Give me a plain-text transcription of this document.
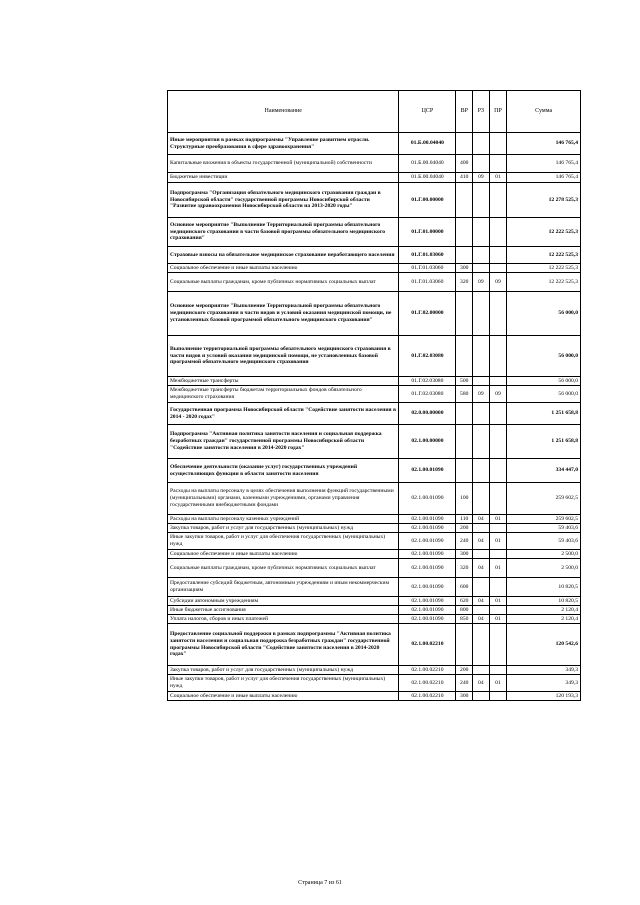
Наименование	ЦСР	ВР	РЗ	ПР	Сумма
Иные мероприятия в рамках подпрограммы "Управление развитием отрасли. Структурные преобразования в сфере здравоохранения"	01.Б.00.04040				146 765,4
Капитальные вложения в объекты государственной (муниципальной) собственности	01.Б.00.04040	400			146 765,4
Бюджетные инвестиции	01.Б.00.04040	410	09	01	146 765,4
Подпрограмма "Организация обязательного медицинского страхования граждан в Новосибирской области" государственной программы Новосибирской области "Развитие здравоохранения Новосибирской области на 2013-2020 годы"	01.Г.00.00000				12 278 525,3
Основное мероприятие "Выполнение Территориальной программы обязательного медицинского страхования в части базовой программы обязательного медицинского страхования"	01.Г.01.00000				12 222 525,3
Страховые взносы на обязательное медицинское страхование неработающего населения	01.Г.01.03060				12 222 525,3
Социальное обеспечение и иные выплаты населению	01.Г.01.03060	300			12 222 525,3
Социальные выплаты гражданам, кроме публичных нормативных социальных выплат	01.Г.01.03060	320	09	09	12 222 525,3
Основное мероприятие "Выполнение Территориальной программы обязательного медицинского страхования в части видов и условий оказания медицинской помощи, не установленных базовой программой обязательного медицинского страхования"	01.Г.02.00000				56 000,0
Выполнение территориальной программы обязательного медицинского страхования в части видов и условий оказания медицинской помощи, не установленных базовой программой обязательного медицинского страхования	01.Г.02.03080				56 000,0
Межбюджетные трансферты	01.Г.02.03080	500			56 000,0
Межбюджетные трансферты бюджетам территориальных фондов обязательного медицинского страхования	01.Г.02.03080	580	09	09	56 000,0
Государственная программа Новосибирской области "Содействие занятости населения в 2014 - 2020 годах"	02.0.00.00000				1 251 658,8
Подпрограмма "Активная политика занятости населения и социальная поддержка безработных граждан" государственной программы Новосибирской области "Содействие занятости населения в 2014-2020 годах"	02.1.00.00000				1 251 658,8
Обеспечение деятельности (оказание услуг) государственных учреждений осуществляющих функции в области занятости населения	02.1.00.01090				334 447,0
Расходы на выплаты персоналу в целях обеспечения выполнения функций государственными (муниципальными) органами, казенными учреждениями, органами управления государственными внебюджетными фондами	02.1.00.01090	100			259 602,5
Расходы на выплаты персоналу казенных учреждений	02.1.00.01090	110	04	01	259 602,5
Закупка товаров, работ и услуг для государственных (муниципальных) нужд	02.1.00.01090	200			59 403,6
Иные закупки товаров, работ и услуг для обеспечения государственных (муниципальных) нужд	02.1.00.01090	240	04	01	59 403,6
Социальное обеспечение и иные выплаты населению	02.1.00.01090	300			2 500,0
Социальные выплаты гражданам, кроме публичных нормативных социальных выплат	02.1.00.01090	320	04	01	2 500,0
Предоставление субсидий бюджетным, автономным учреждениям и иным некоммерческим организациям	02.1.00.01090	600			10 820,5
Субсидии автономным учреждениям	02.1.00.01090	620	04	01	10 820,5
Иные бюджетные ассигнования	02.1.00.01090	800			2 120,4
Уплата налогов, сборов и иных платежей	02.1.00.01090	850	04	01	2 120,4
Предоставление социальной поддержки в рамках подпрограммы "Активная политика занятости населения и социальная поддержка безработных граждан" государственной программы Новосибирской области "Содействие занятости населения в 2014-2020 годах"	02.1.00.02210				120 542,6
Закупка товаров, работ и услуг для государственных (муниципальных) нужд	02.1.00.02210	200			349,3
Иные закупки товаров, работ и услуг для обеспечения государственных (муниципальных) нужд	02.1.00.02210	240	04	01	349,3
Социальное обеспечение и иные выплаты населению	02.1.00.02210	300			120 193,3
Страница 7 из 61
